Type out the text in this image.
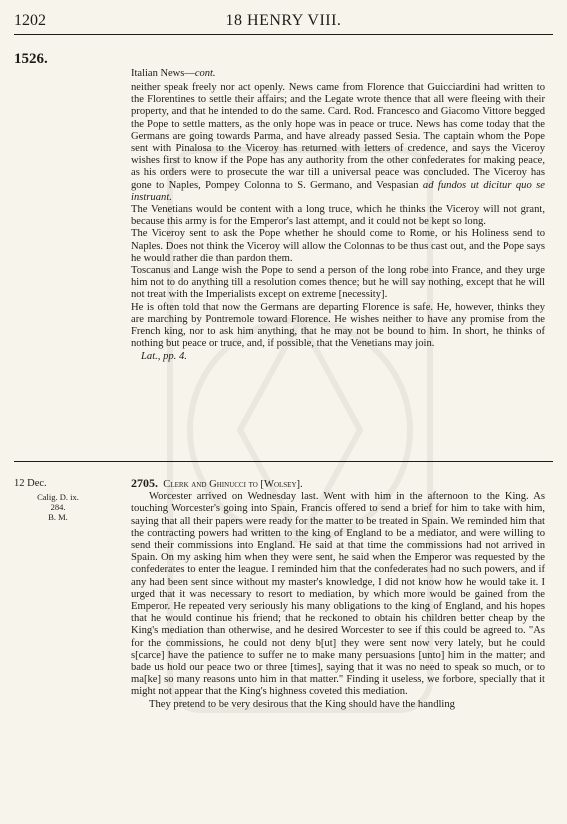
1202	18 HENRY VIII.
1526.
Italian News—cont.

neither speak freely nor act openly. News came from Florence that Guicciardini had written to the Florentines to settle their affairs; and the Legate wrote thence that all were fleeing with their property, and that he intended to do the same. Card. Rod. Francesco and Giacomo Vittore begged the Pope to settle matters, as the only hope was in peace or truce. News has come today that the Germans are going towards Parma, and have already passed Sesia. The captain whom the Pope sent with Pinalosa to the Viceroy has returned with letters of credence, and says the Viceroy wishes first to know if the Pope has any authority from the other confederates for making peace, as his orders were to prosecute the war till a universal peace was concluded. The Viceroy has gone to Naples, Pompey Colonna to S. Germano, and Vespasian ad fundos ut dicitur quo se instruant.

The Venetians would be content with a long truce, which he thinks the Viceroy will not grant, because this army is for the Emperor's last attempt, and it could not be kept so long.

The Viceroy sent to ask the Pope whether he should come to Rome, or his Holiness send to Naples. Does not think the Viceroy will allow the Colonnas to be thus cast out, and the Pope says he would rather die than pardon them.

Toscanus and Lange wish the Pope to send a person of the long robe into France, and they urge him not to do anything till a resolution comes thence; but he will say nothing, except that he will not treat with the Imperialists except on extreme [necessity].

He is often told that now the Germans are departing Florence is safe. He, however, thinks they are marching by Pontremole toward Florence. He wishes neither to have any promise from the French king, nor to ask him anything, that he may not be bound to him. In short, he thinks of nothing but peace or truce, and, if possible, that the Venetians may join.

Lat., pp. 4.

12 Dec.
Calig. D. ix.
284.
B. M.

2705. Clerk and Ghinucci to [Wolsey].

Worcester arrived on Wednesday last. Went with him in the afternoon to the King. As touching Worcester's going into Spain, Francis offered to send a brief for him to take with him, saying that all their papers were ready for the matter to be treated in Spain. We reminded him that the contracting powers had written to the king of England to be a mediator, and were willing to send their commissions into England. He said at that time the commissions had not arrived in Spain. On my asking him when they were sent, he said when the Emperor was requested by the confederates to enter the league. I reminded him that the confederates had no such powers, and if any had been sent since without my master's knowledge, I did not know how he would take it. I urged that it was necessary to resort to mediation, by which more would be gained from the Emperor. He repeated very seriously his many obligations to the king of England, and his hopes that he would continue his friend; that he reckoned to obtain his children better cheap by the King's mediation than otherwise, and he desired Worcester to see if this could be agreed to. "As for the commissions, he could not deny b[ut] they were sent now very lately, but he could s[carce] have the patience to suffer ne to make many persuasions [unto] him in the matter; and bade us hold our peace two or three [times], saying that it was no need to speak so much, or to ma[ke] so many reasons unto him in that matter." Finding it useless, we forbore, specially that it might not appear that the King's highness coveted this mediation.

They pretend to be very desirous that the King should have the handling
